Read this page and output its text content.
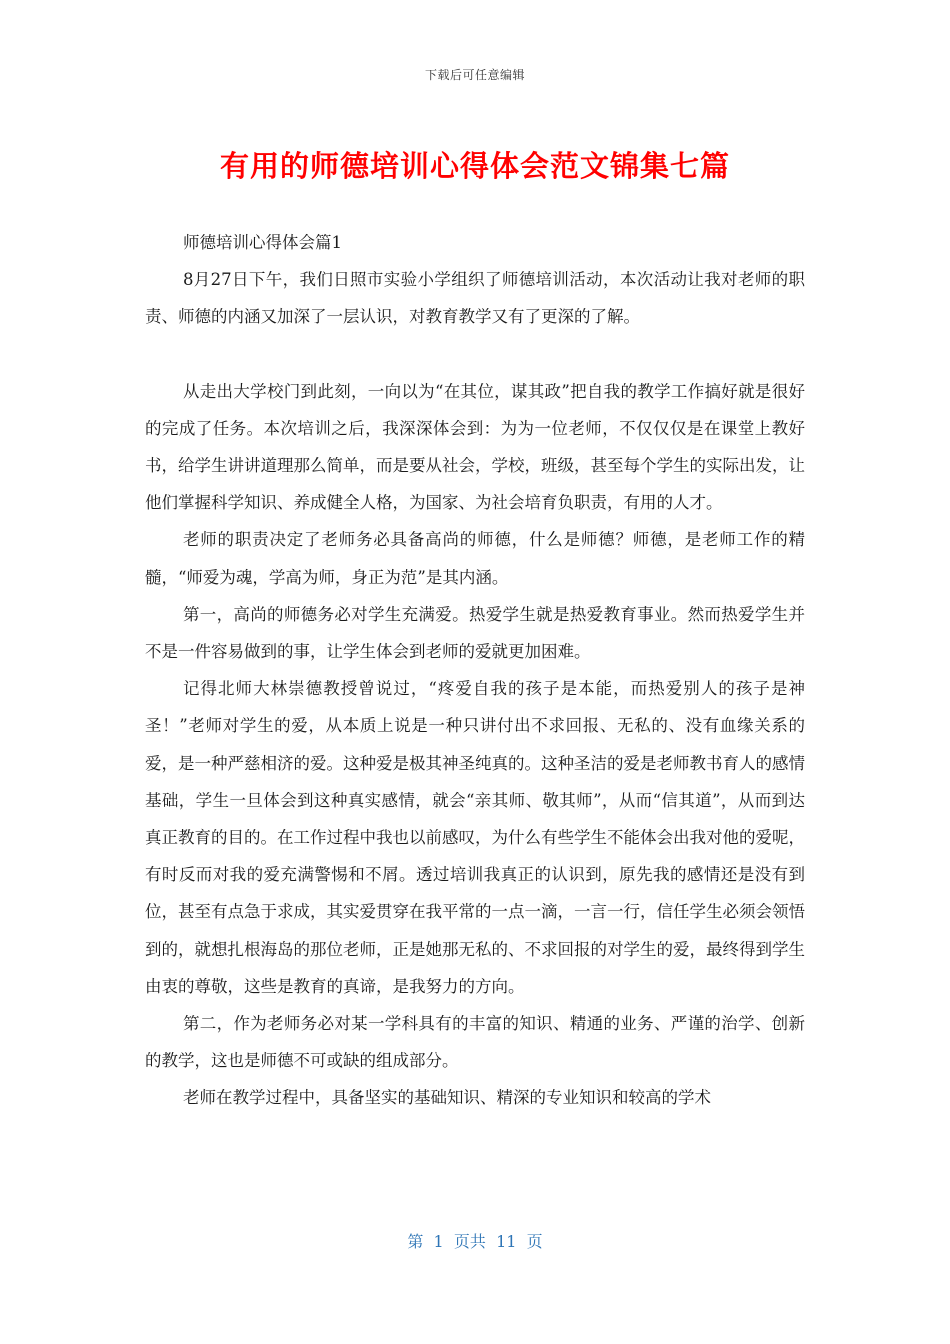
下载后可任意编辑
有用的师德培训心得体会范文锦集七篇

师德培训心得体会篇1

8月27日下午，我们日照市实验小学组织了师德培训活动，本次活动让我对老师的职责、师德的内涵又加深了一层认识，对教育教学又有了更深的了解。

从走出大学校门到此刻，一向以为“在其位，谋其政”把自我的教学工作搞好就是很好的完成了任务。本次培训之后，我深深体会到：为为一位老师，不仅仅仅是在课堂上教好书，给学生讲讲道理那么简单，而是要从社会，学校，班级，甚至每个学生的实际出发，让他们掌握科学知识、养成健全人格，为国家、为社会培育负职责，有用的人才。

老师的职责决定了老师务必具备高尚的师德，什么是师德？师德，是老师工作的精髓，“师爱为魂，学高为师，身正为范”是其内涵。

第一，高尚的师德务必对学生充满爱。热爱学生就是热爱教育事业。然而热爱学生并不是一件容易做到的事，让学生体会到老师的爱就更加困难。

记得北师大林崇德教授曾说过，“疼爱自我的孩子是本能，而热爱别人的孩子是神圣！”老师对学生的爱，从本质上说是一种只讲付出不求回报、无私的、没有血缘关系的爱，是一种严慈相济的爱。这种爱是极其神圣纯真的。这种圣洁的爱是老师教书育人的感情基础，学生一旦体会到这种真实感情，就会“亲其师、敬其师”，从而“信其道”，从而到达真正教育的目的。在工作过程中我也以前感叹，为什么有些学生不能体会出我对他的爱呢，有时反而对我的爱充满警惕和不屑。透过培训我真正的认识到，原先我的感情还是没有到位，甚至有点急于求成，其实爱贯穿在我平常的一点一滴，一言一行，信任学生必须会领悟到的，就想扎根海岛的那位老师，正是她那无私的、不求回报的对学生的爱，最终得到学生由衷的尊敬，这些是教育的真谛，是我努力的方向。

第二，作为老师务必对某一学科具有的丰富的知识、精通的业务、严谨的治学、创新的教学，这也是师德不可或缺的组成部分。

老师在教学过程中，具备坚实的基础知识、精深的专业知识和较高的学术

第  1  页共  11  页
